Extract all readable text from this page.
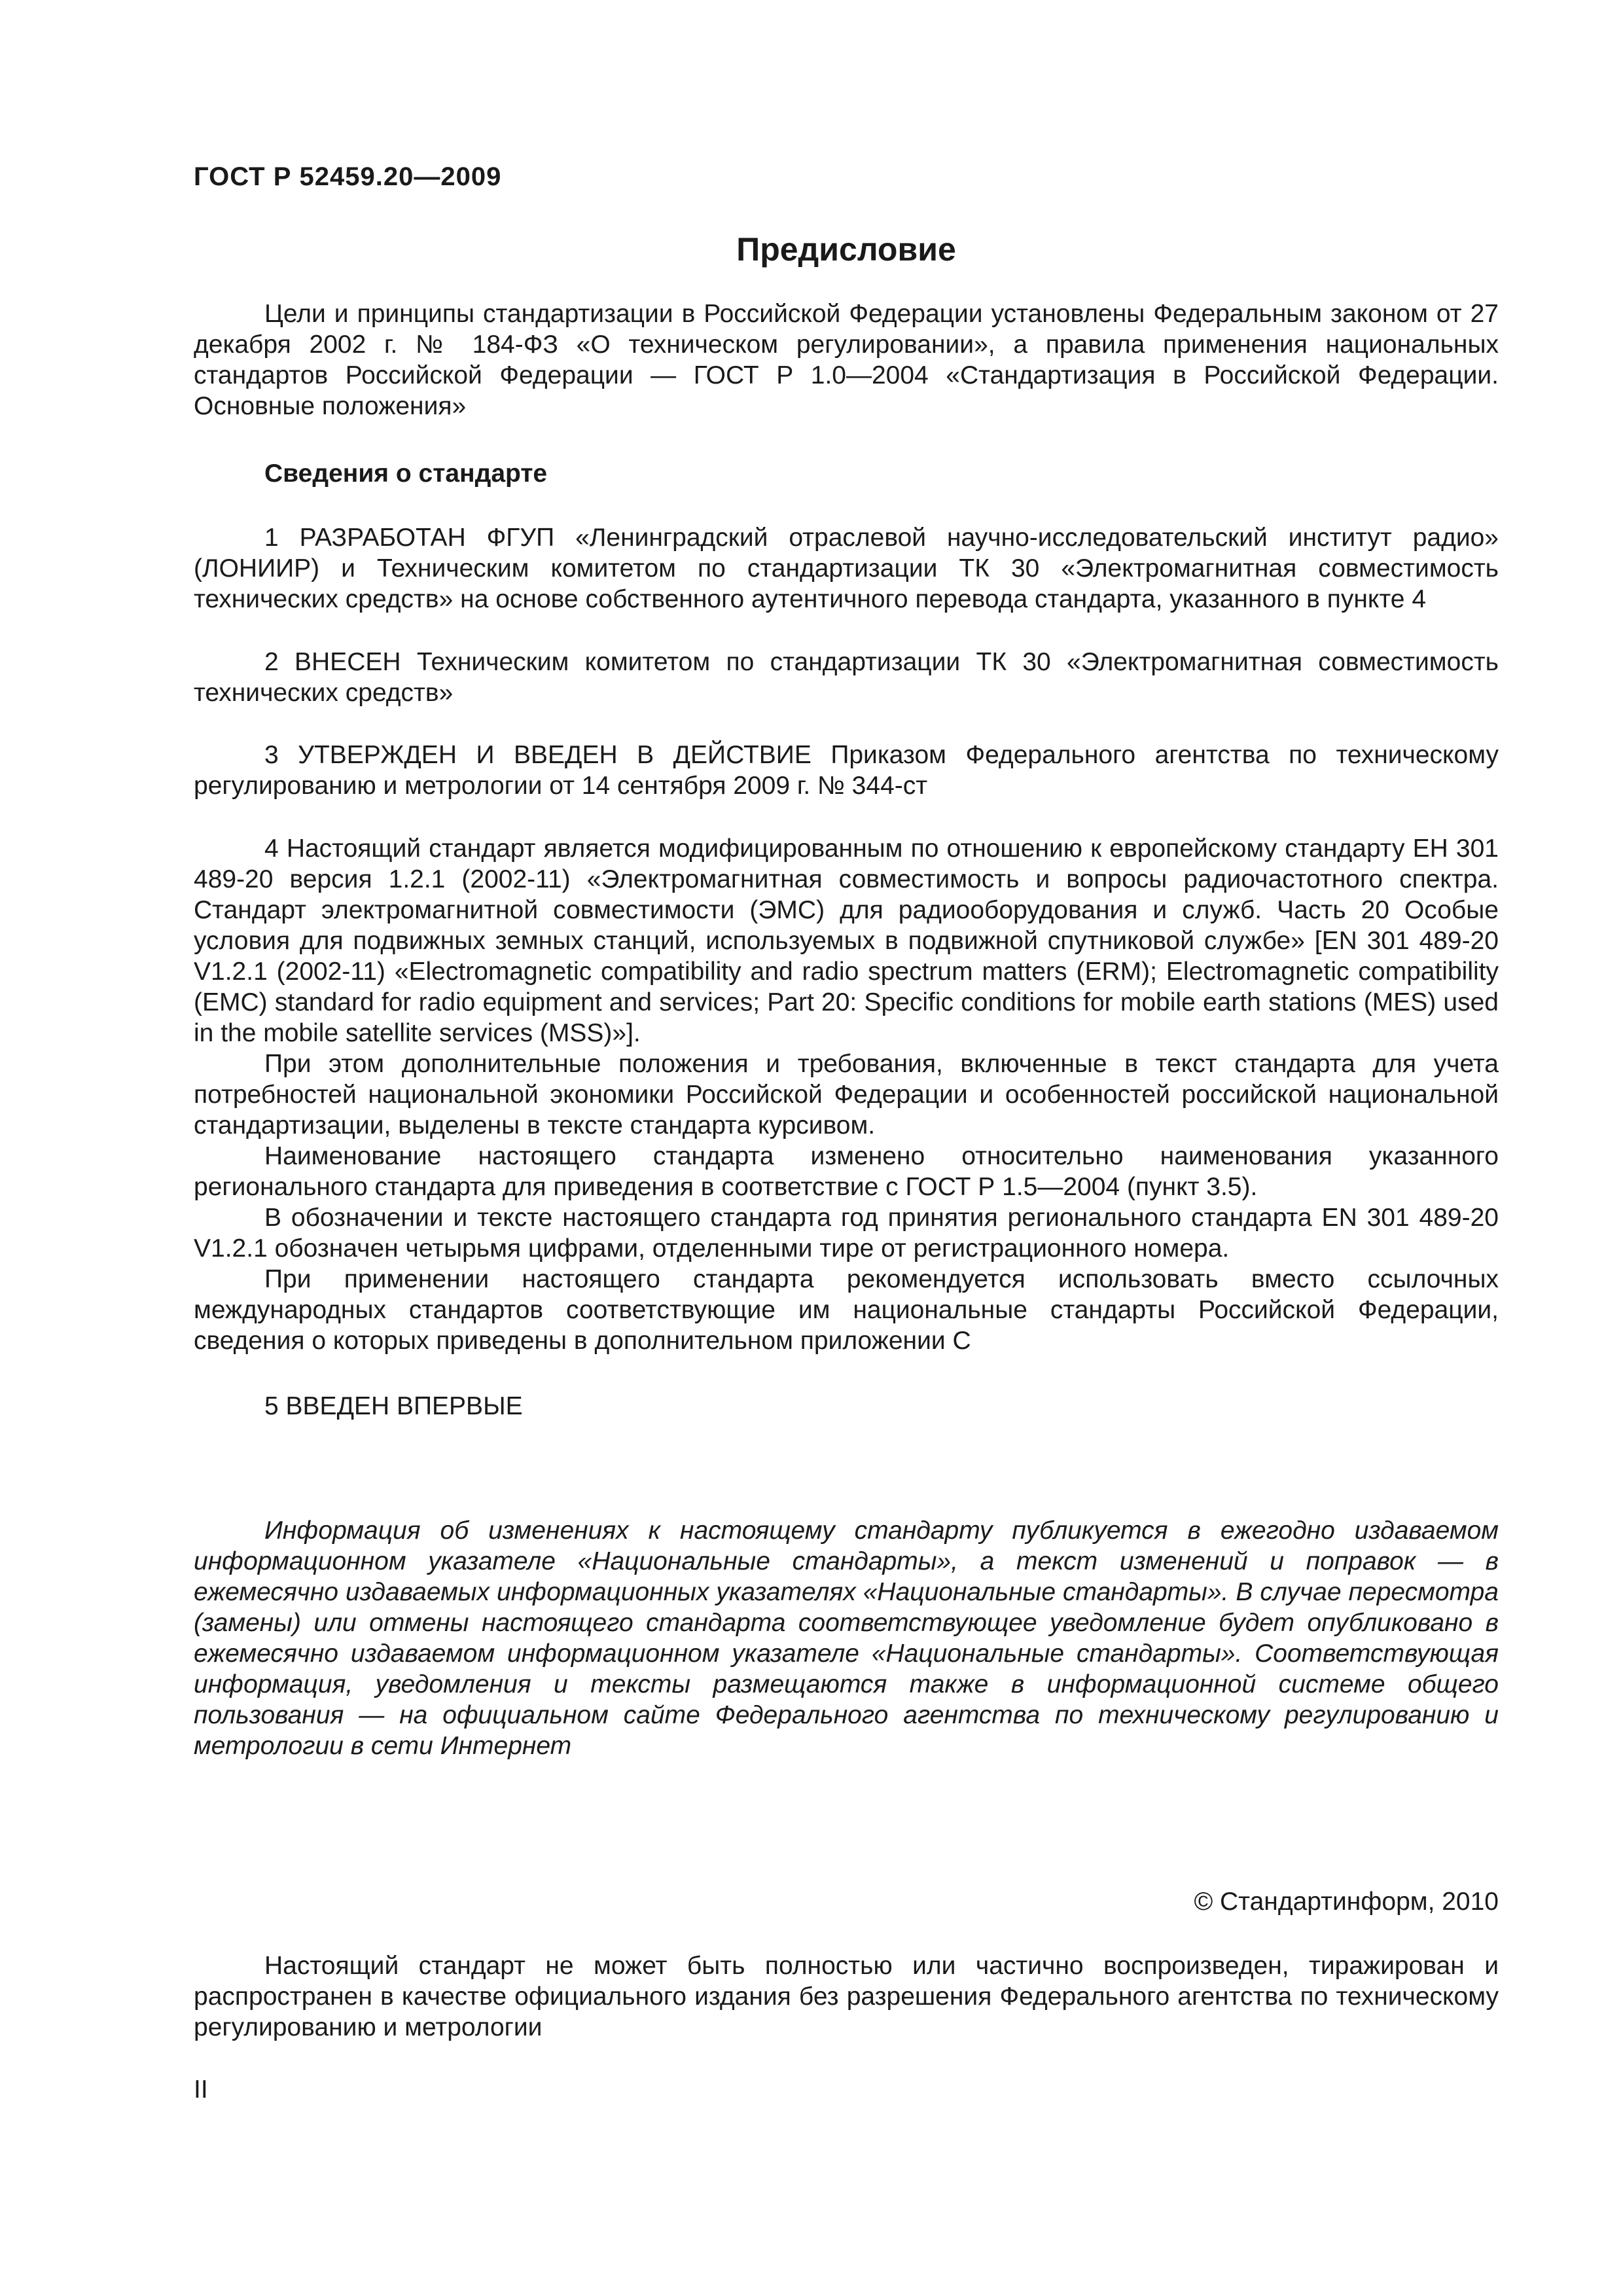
ГОСТ Р 52459.20—2009
Предисловие

Цели и принципы стандартизации в Российской Федерации установлены Федеральным законом от 27 декабря 2002 г. № 184-ФЗ «О техническом регулировании», а правила применения национальных стандартов Российской Федерации — ГОСТ Р 1.0—2004 «Стандартизация в Российской Федерации. Основные положения»

Сведения о стандарте

1 РАЗРАБОТАН ФГУП «Ленинградский отраслевой научно-исследовательский институт радио» (ЛОНИИР) и Техническим комитетом по стандартизации ТК 30 «Электромагнитная совместимость технических средств» на основе собственного аутентичного перевода стандарта, указанного в пункте 4

2 ВНЕСЕН Техническим комитетом по стандартизации ТК 30 «Электромагнитная совместимость технических средств»

3 УТВЕРЖДЕН И ВВЕДЕН В ДЕЙСТВИЕ Приказом Федерального агентства по техническому регулированию и метрологии от 14 сентября 2009 г. № 344-ст

4 Настоящий стандарт является модифицированным по отношению к европейскому стандарту ЕН 301 489-20 версия 1.2.1 (2002-11) «Электромагнитная совместимость и вопросы радиочастотного спектра. Стандарт электромагнитной совместимости (ЭМС) для радиооборудования и служб. Часть 20 Особые условия для подвижных земных станций, используемых в подвижной спутниковой службе» [EN 301 489-20 V1.2.1 (2002-11) «Electromagnetic compatibility and radio spectrum matters (ERM); Electromagnetic compatibility (EMC) standard for radio equipment and services; Part 20: Specific conditions for mobile earth stations (MES) used in the mobile satellite services (MSS)»].

При этом дополнительные положения и требования, включенные в текст стандарта для учета потребностей национальной экономики Российской Федерации и особенностей российской национальной стандартизации, выделены в тексте стандарта курсивом.

Наименование настоящего стандарта изменено относительно наименования указанного регионального стандарта для приведения в соответствие с ГОСТ Р 1.5—2004 (пункт 3.5).

В обозначении и тексте настоящего стандарта год принятия регионального стандарта EN 301 489-20 V1.2.1 обозначен четырьмя цифрами, отделенными тире от регистрационного номера.

При применении настоящего стандарта рекомендуется использовать вместо ссылочных международных стандартов соответствующие им национальные стандарты Российской Федерации, сведения о которых приведены в дополнительном приложении С

5 ВВЕДЕН ВПЕРВЫЕ

Информация об изменениях к настоящему стандарту публикуется в ежегодно издаваемом информационном указателе «Национальные стандарты», а текст изменений и поправок — в ежемесячно издаваемых информационных указателях «Национальные стандарты». В случае пересмотра (замены) или отмены настоящего стандарта соответствующее уведомление будет опубликовано в ежемесячно издаваемом информационном указателе «Национальные стандарты». Соответствующая информация, уведомления и тексты размещаются также в информационной системе общего пользования — на официальном сайте Федерального агентства по техническому регулированию и метрологии в сети Интернет

© Стандартинформ, 2010

Настоящий стандарт не может быть полностью или частично воспроизведен, тиражирован и распространен в качестве официального издания без разрешения Федерального агентства по техническому регулированию и метрологии

II
